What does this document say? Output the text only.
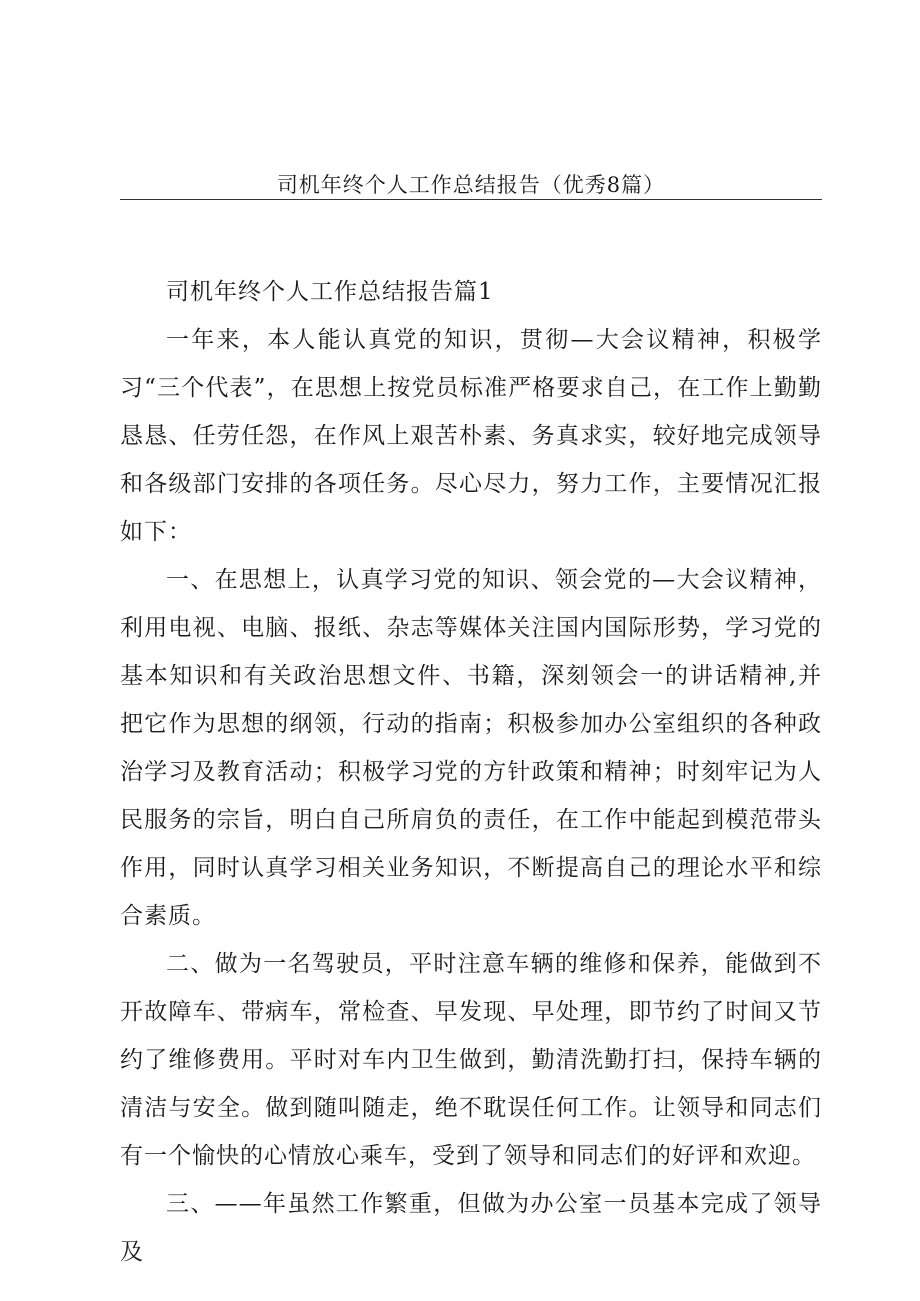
司机年终个人工作总结报告（优秀8篇）

司机年终个人工作总结报告篇1

一年来，本人能认真党的知识，贯彻—大会议精神，积极学习“三个代表”，在思想上按党员标准严格要求自己，在工作上勤勤恳恳、任劳任怨，在作风上艰苦朴素、务真求实，较好地完成领导和各级部门安排的各项任务。尽心尽力，努力工作，主要情况汇报如下：

一、在思想上，认真学习党的知识、领会党的—大会议精神，利用电视、电脑、报纸、杂志等媒体关注国内国际形势，学习党的基本知识和有关政治思想文件、书籍，深刻领会一的讲话精神,并把它作为思想的纲领，行动的指南；积极参加办公室组织的各种政治学习及教育活动；积极学习党的方针政策和精神；时刻牢记为人民服务的宗旨，明白自己所肩负的责任，在工作中能起到模范带头作用，同时认真学习相关业务知识，不断提高自己的理论水平和综合素质。

二、做为一名驾驶员，平时注意车辆的维修和保养，能做到不开故障车、带病车，常检查、早发现、早处理，即节约了时间又节约了维修费用。平时对车内卫生做到，勤清洗勤打扫，保持车辆的清洁与安全。做到随叫随走，绝不耽误任何工作。让领导和同志们有一个愉快的心情放心乘车，受到了领导和同志们的好评和欢迎。

三、——年虽然工作繁重，但做为办公室一员基本完成了领导及
